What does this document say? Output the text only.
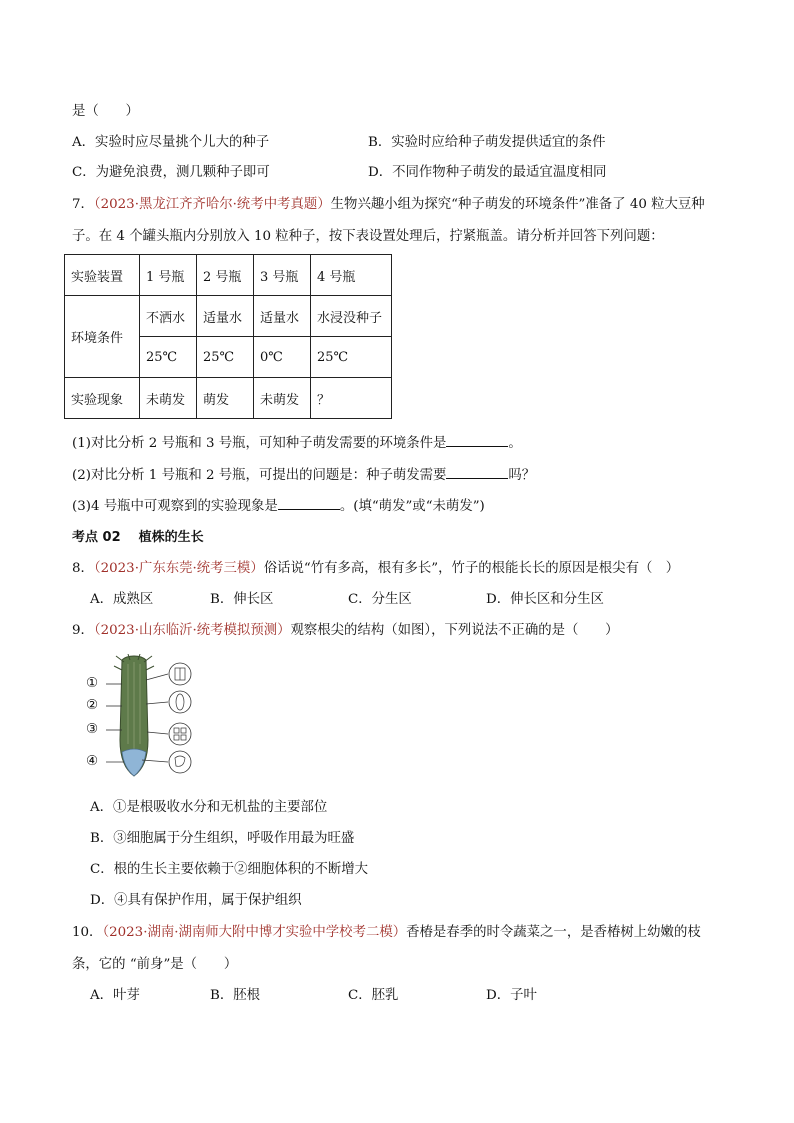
是（　　）
A．实验时应尽量挑个儿大的种子	B．实验时应给种子萌发提供适宜的条件
C．为避免浪费，测几颗种子即可	D．不同作物种子萌发的最适宜温度相同
7．（2023·黑龙江齐齐哈尔·统考中考真题）生物兴趣小组为探究“种子萌发的环境条件”准备了 40 粒大豆种
子。在 4 个罐头瓶内分别放入 10 粒种子，按下表设置处理后，拧紧瓶盖。请分析并回答下列问题：
实验装置	1 号瓶	2 号瓶	3 号瓶	4 号瓶
环境条件	不洒水	适量水	适量水	水浸没种子
	25℃	25℃	0℃	25℃
实验现象	未萌发	萌发	未萌发	？
(1)对比分析 2 号瓶和 3 号瓶，可知种子萌发需要的环境条件是	。
(2)对比分析 1 号瓶和 2 号瓶，可提出的问题是：种子萌发需要	吗？
(3)4 号瓶中可观察到的实验现象是	。(填“萌发”或“未萌发”)
考点 02 植株的生长
8．（2023·广东东莞·统考三模）俗话说“竹有多高，根有多长”，竹子的根能长长的原因是根尖有（　）
A．成熟区	B．伸长区	C．分生区	D．伸长区和分生区
9．（2023·山东临沂·统考模拟预测）观察根尖的结构（如图），下列说法不正确的是（　　）
①
②
③
④
A．①是根吸收水分和无机盐的主要部位
B．③细胞属于分生组织，呼吸作用最为旺盛
C．根的生长主要依赖于②细胞体积的不断增大
D．④具有保护作用，属于保护组织
10．（2023·湖南·湖南师大附中博才实验中学校考二模）香椿是春季的时令蔬菜之一，是香椿树上幼嫩的枝
条，它的 “前身”是（　　）
A．叶芽	B．胚根	C．胚乳	D．子叶
